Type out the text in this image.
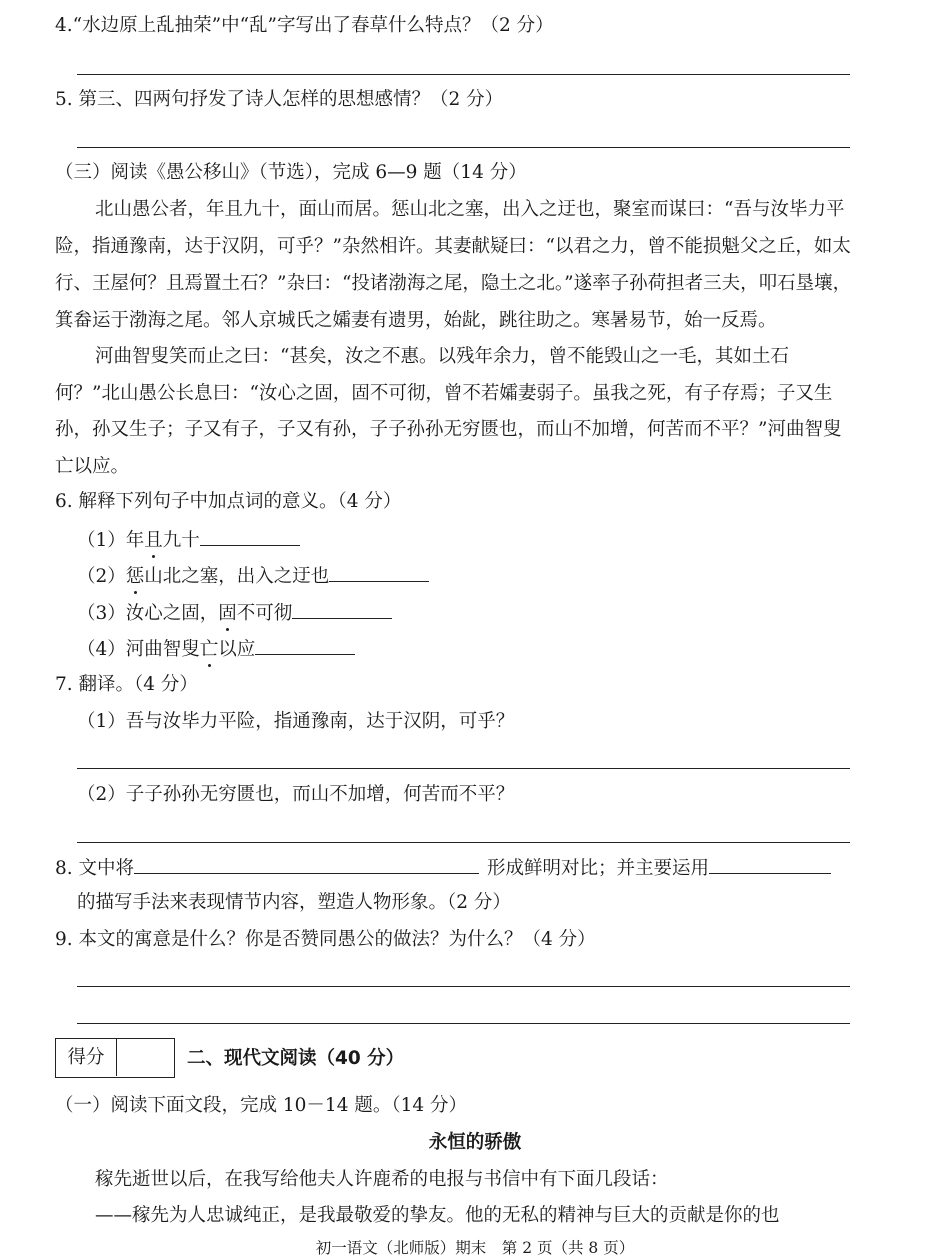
4.“水边原上乱抽荣”中“乱”字写出了春草什么特点？（2 分）
5. 第三、四两句抒发了诗人怎样的思想感情？（2 分）
（三）阅读《愚公移山》（节选），完成 6—9 题（14 分）
北山愚公者，年且九十，面山而居。惩山北之塞，出入之迂也，聚室而谋曰：“吾与汝毕力平
险，指通豫南，达于汉阴，可乎？”杂然相许。其妻献疑曰：“以君之力，曾不能损魁父之丘，如太
行、王屋何？且焉置土石？”杂曰：“投诸渤海之尾，隐土之北。”遂率子孙荷担者三夫，叩石垦壤，
箕畚运于渤海之尾。邻人京城氏之孀妻有遗男，始龀，跳往助之。寒暑易节，始一反焉。
河曲智叟笑而止之曰：“甚矣，汝之不惠。以残年余力，曾不能毁山之一毛，其如土石
何？”北山愚公长息曰：“汝心之固，固不可彻，曾不若孀妻弱子。虽我之死，有子存焉；子又生
孙，孙又生子；子又有子，子又有孙，子子孙孙无穷匮也，而山不加增，何苦而不平？”河曲智叟
亡以应。
6. 解释下列句子中加点词的意义。（4 分）
（1）年且九十
（2）惩山北之塞，出入之迂也
（3）汝心之固，固不可彻
（4）河曲智叟亡以应
7. 翻译。（4 分）
（1）吾与汝毕力平险，指通豫南，达于汉阴，可乎？
（2）子子孙孙无穷匮也，而山不加增，何苦而不平？
8. 文中将	形成鲜明对比；并主要运用
的描写手法来表现情节内容，塑造人物形象。（2 分）
9. 本文的寓意是什么？你是否赞同愚公的做法？为什么？（4 分）
得分	二、现代文阅读（40 分）
（一）阅读下面文段，完成 10－14 题。（14 分）
永恒的骄傲
稼先逝世以后，在我写给他夫人许鹿希的电报与书信中有下面几段话：
——稼先为人忠诚纯正，是我最敬爱的挚友。他的无私的精神与巨大的贡献是你的也
初一语文（北师版）期末　第 2 页（共 8 页）
